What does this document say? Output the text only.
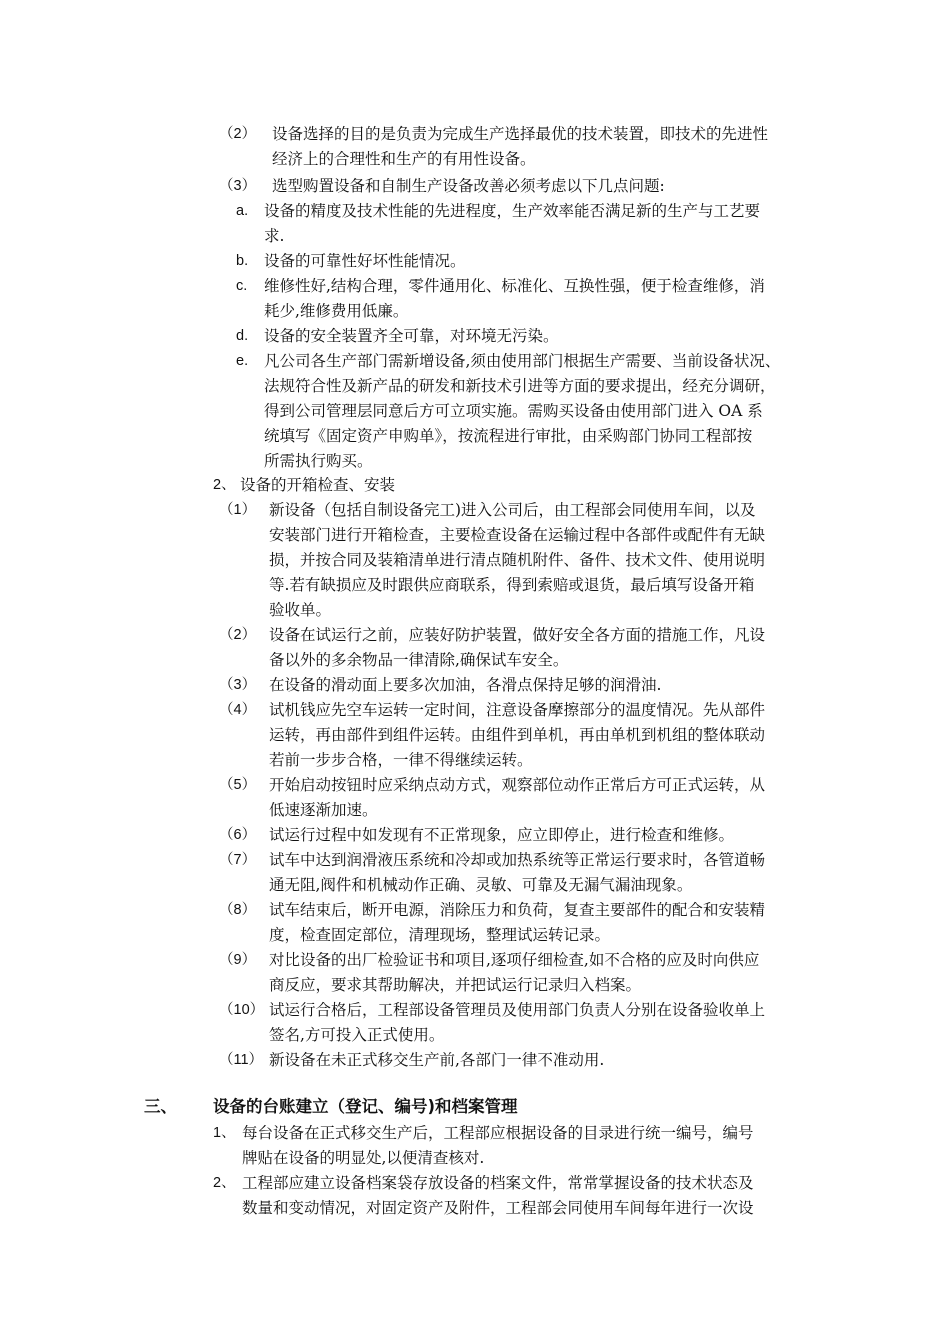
（2） 设备选择的目的是负责为完成生产选择最优的技术装置，即技术的先进性
经济上的合理性和生产的有用性设备。
（3） 选型购置设备和自制生产设备改善必须考虑以下几点问题:
a. 设备的精度及技术性能的先进程度，生产效率能否满足新的生产与工艺要
求.
b. 设备的可靠性好坏性能情况。
c. 维修性好,结构合理，零件通用化、标准化、互换性强，便于检查维修，消
耗少,维修费用低廉。
d. 设备的安全装置齐全可靠，对环境无污染。
e. 凡公司各生产部门需新增设备,须由使用部门根据生产需要、当前设备状况、
法规符合性及新产品的研发和新技术引进等方面的要求提出，经充分调研，
得到公司管理层同意后方可立项实施。需购买设备由使用部门进入 OA 系
统填写《固定资产申购单》，按流程进行审批，由采购部门协同工程部按
所需执行购买。
2、 设备的开箱检查、安装
（1） 新设备（包括自制设备完工)进入公司后，由工程部会同使用车间，以及
安装部门进行开箱检查，主要检查设备在运输过程中各部件或配件有无缺
损，并按合同及装箱清单进行清点随机附件、备件、技术文件、使用说明
等.若有缺损应及时跟供应商联系，得到索赔或退货，最后填写设备开箱
验收单。
（2） 设备在试运行之前，应装好防护装置，做好安全各方面的措施工作，凡设
备以外的多余物品一律清除,确保试车安全。
（3） 在设备的滑动面上要多次加油，各滑点保持足够的润滑油.
（4） 试机钱应先空车运转一定时间，注意设备摩擦部分的温度情况。先从部件
运转，再由部件到组件运转。由组件到单机，再由单机到机组的整体联动
若前一步步合格，一律不得继续运转。
（5） 开始启动按钮时应采纳点动方式，观察部位动作正常后方可正式运转，从
低速逐渐加速。
（6） 试运行过程中如发现有不正常现象，应立即停止，进行检查和维修。
（7） 试车中达到润滑液压系统和冷却或加热系统等正常运行要求时，各管道畅
通无阻,阀件和机械动作正确、灵敏、可靠及无漏气漏油现象。
（8） 试车结束后，断开电源，消除压力和负荷，复查主要部件的配合和安装精
度，检查固定部位，清理现场，整理试运转记录。
（9） 对比设备的出厂检验证书和项目,逐项仔细检查,如不合格的应及时向供应
商反应，要求其帮助解决，并把试运行记录归入档案。
（10） 试运行合格后，工程部设备管理员及使用部门负责人分别在设备验收单上
签名,方可投入正式使用。
（11） 新设备在未正式移交生产前,各部门一律不准动用.
三、 设备的台账建立（登记、编号)和档案管理
1、 每台设备在正式移交生产后，工程部应根据设备的目录进行统一编号，编号
牌贴在设备的明显处,以便清查核对.
2、 工程部应建立设备档案袋存放设备的档案文件，常常掌握设备的技术状态及
数量和变动情况，对固定资产及附件，工程部会同使用车间每年进行一次设
